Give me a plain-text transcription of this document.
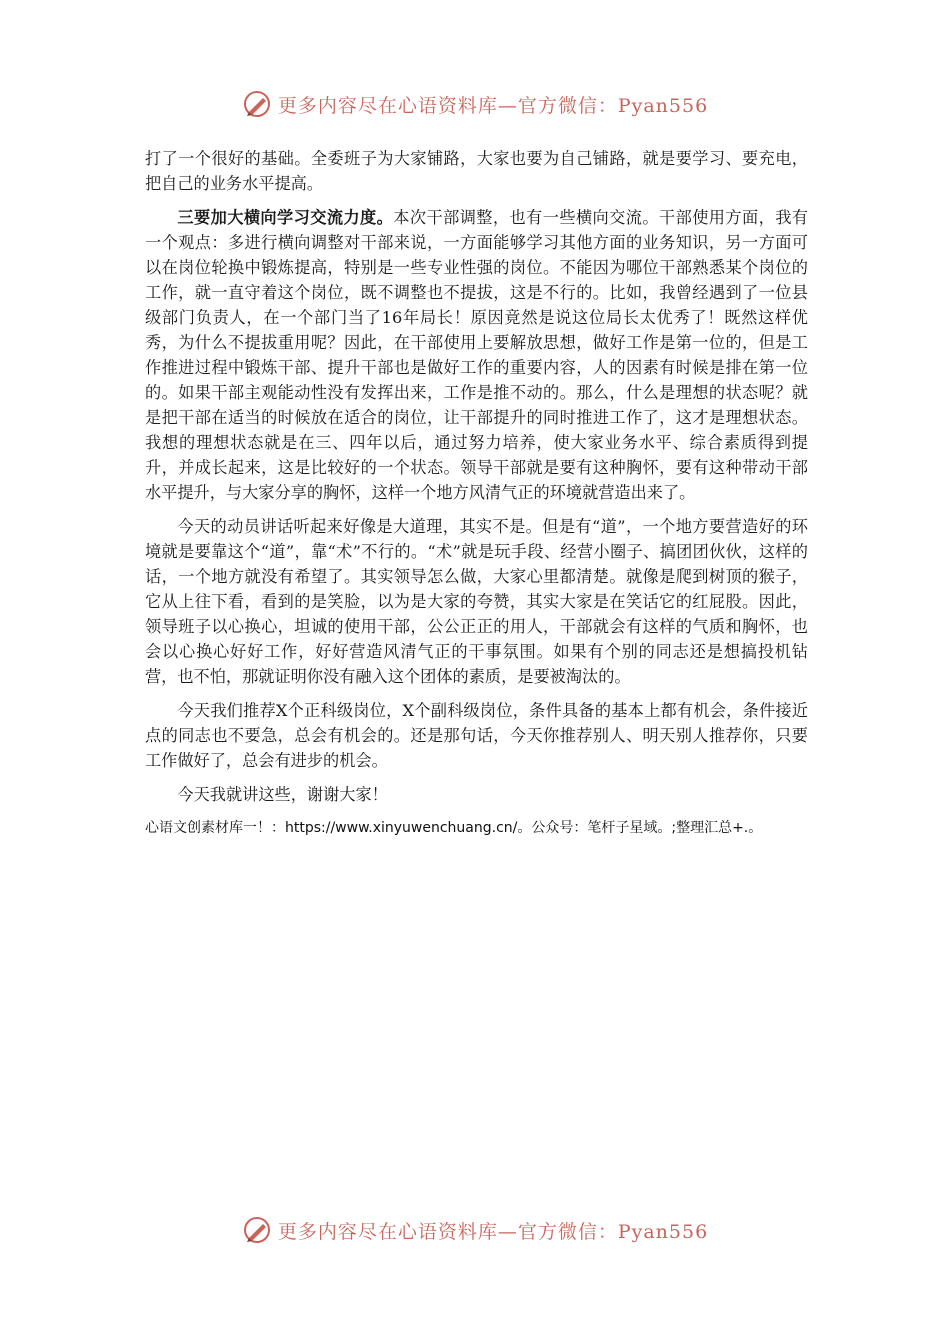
更多内容尽在心语资料库—官方微信：Pyan556

打了一个很好的基础。全委班子为大家铺路，大家也要为自己铺路，就是要学习、要充电，把自己的业务水平提高。

三要加大横向学习交流力度。本次干部调整，也有一些横向交流。干部使用方面，我有一个观点：多进行横向调整对干部来说，一方面能够学习其他方面的业务知识，另一方面可以在岗位轮换中锻炼提高，特别是一些专业性强的岗位。不能因为哪位干部熟悉某个岗位的工作，就一直守着这个岗位，既不调整也不提拔，这是不行的。比如，我曾经遇到了一位县级部门负责人，在一个部门当了16年局长！原因竟然是说这位局长太优秀了！既然这样优秀，为什么不提拔重用呢？因此，在干部使用上要解放思想，做好工作是第一位的，但是工作推进过程中锻炼干部、提升干部也是做好工作的重要内容，人的因素有时候是排在第一位的。如果干部主观能动性没有发挥出来，工作是推不动的。那么，什么是理想的状态呢？就是把干部在适当的时候放在适合的岗位，让干部提升的同时推进工作了，这才是理想状态。我想的理想状态就是在三、四年以后，通过努力培养，使大家业务水平、综合素质得到提升，并成长起来，这是比较好的一个状态。领导干部就是要有这种胸怀，要有这种带动干部水平提升，与大家分享的胸怀，这样一个地方风清气正的环境就营造出来了。

今天的动员讲话听起来好像是大道理，其实不是。但是有“道”，一个地方要营造好的环境就是要靠这个“道”，靠“术”不行的。“术”就是玩手段、经营小圈子、搞团团伙伙，这样的话，一个地方就没有希望了。其实领导怎么做，大家心里都清楚。就像是爬到树顶的猴子，它从上往下看，看到的是笑脸，以为是大家的夸赞，其实大家是在笑话它的红屁股。因此，领导班子以心换心，坦诚的使用干部，公公正正的用人，干部就会有这样的气质和胸怀，也会以心换心好好工作，好好营造风清气正的干事氛围。如果有个别的同志还是想搞投机钻营，也不怕，那就证明你没有融入这个团体的素质，是要被淘汰的。

今天我们推荐X个正科级岗位，X个副科级岗位，条件具备的基本上都有机会，条件接近点的同志也不要急，总会有机会的。还是那句话，今天你推荐别人、明天别人推荐你，只要工作做好了，总会有进步的机会。

今天我就讲这些，谢谢大家！

心语文创素材库一！：https://www.xinyuwenchuang.cn/。公众号：笔杆子星域。;整理汇总+.。
更多内容尽在心语资料库—官方微信：Pyan556
